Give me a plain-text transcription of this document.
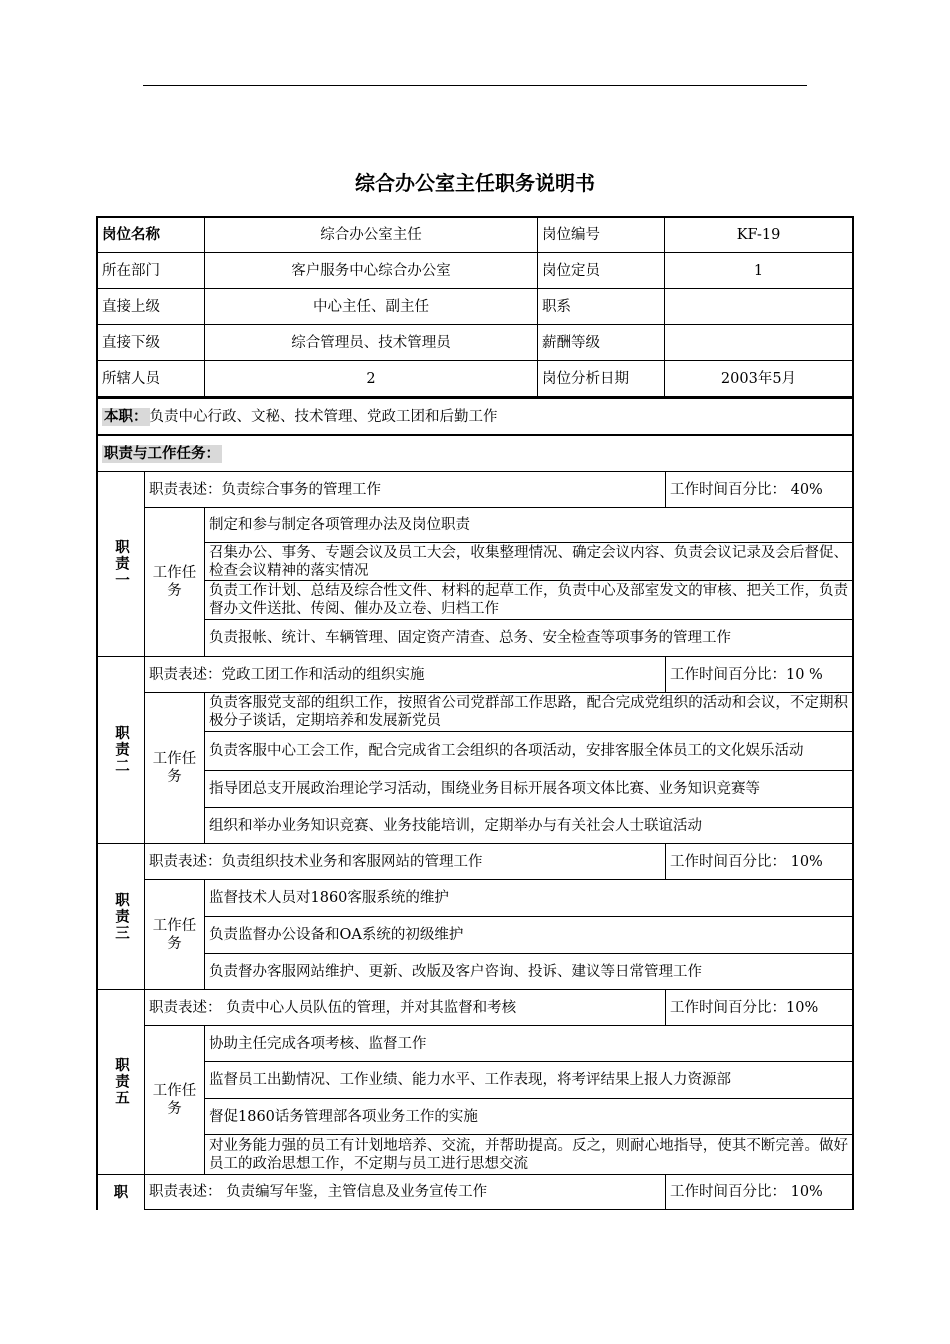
综合办公室主任职务说明书
岗位名称	综合办公室主任	岗位编号	KF-19
所在部门	客户服务中心综合办公室	岗位定员	1
直接上级	中心主任、副主任	职系
直接下级	综合管理员、技术管理员	薪酬等级
所辖人员	2	岗位分析日期	2003年5月
本职： 负责中心行政、文秘、技术管理、党政工团和后勤工作
职责与工作任务：
职责一
职责表述：负责综合事务的管理工作	工作时间百分比： 40%
工作任务
制定和参与制定各项管理办法及岗位职责
召集办公、事务、专题会议及员工大会，收集整理情况、确定会议内容、负责会议记录及会后督促、检查会议精神的落实情况
负责工作计划、总结及综合性文件、材料的起草工作，负责中心及部室发文的审核、把关工作，负责督办文件送批、传阅、催办及立卷、归档工作
负责报帐、统计、车辆管理、固定资产清查、总务、安全检查等项事务的管理工作
职责二
职责表述：党政工团工作和活动的组织实施	工作时间百分比：10 %
工作任务
负责客服党支部的组织工作，按照省公司党群部工作思路，配合完成党组织的活动和会议，不定期积极分子谈话，定期培养和发展新党员
负责客服中心工会工作，配合完成省工会组织的各项活动，安排客服全体员工的文化娱乐活动
指导团总支开展政治理论学习活动，围绕业务目标开展各项文体比赛、业务知识竞赛等
组织和举办业务知识竞赛、业务技能培训，定期举办与有关社会人士联谊活动
职责三
职责表述：负责组织技术业务和客服网站的管理工作	工作时间百分比： 10%
工作任务
监督技术人员对1860客服系统的维护
负责监督办公设备和OA系统的初级维护
负责督办客服网站维护、更新、改版及客户咨询、投诉、建议等日常管理工作
职责五
职责表述： 负责中心人员队伍的管理，并对其监督和考核	工作时间百分比：10%
工作任务
协助主任完成各项考核、监督工作
监督员工出勤情况、工作业绩、能力水平、工作表现，将考评结果上报人力资源部
督促1860话务管理部各项业务工作的实施
对业务能力强的员工有计划地培养、交流，并帮助提高。反之，则耐心地指导，使其不断完善。做好员工的政治思想工作，不定期与员工进行思想交流
职	职责表述： 负责编写年鉴，主管信息及业务宣传工作	工作时间百分比： 10%
